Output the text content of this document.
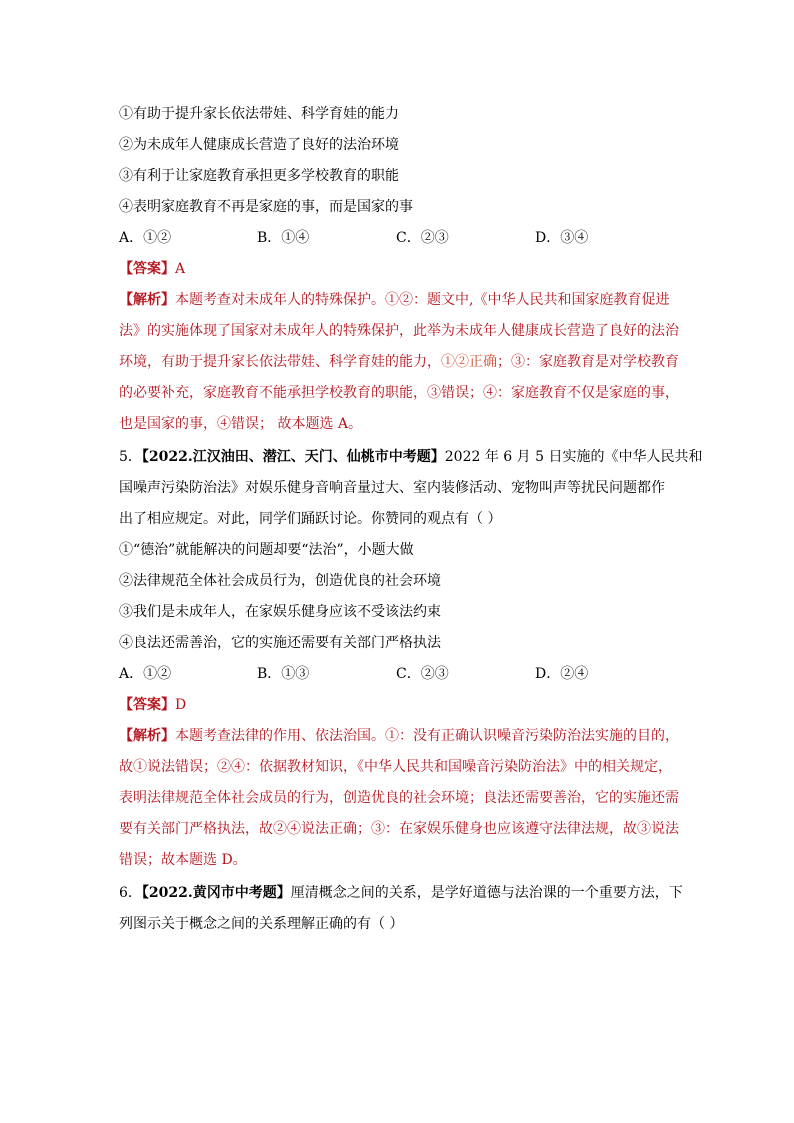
①有助于提升家长依法带娃、科学育娃的能力
②为未成年人健康成长营造了良好的法治环境
③有利于让家庭教育承担更多学校教育的职能
④表明家庭教育不再是家庭的事，而是国家的事
A．①②	B．①④	C．②③	D．③④
【答案】A
【解析】本题考查对未成年人的特殊保护。①②：题文中,《中华人民共和国家庭教育促进
法》的实施体现了国家对未成年人的特殊保护，此举为未成年人健康成长营造了良好的法治
环境，有助于提升家长依法带娃、科学育娃的能力，①②正确；③：家庭教育是对学校教育
的必要补充，家庭教育不能承担学校教育的职能，③错误；④：家庭教育不仅是家庭的事，
也是国家的事，④错误； 故本题选 A。
5．【2022.江汉油田、潜江、天门、仙桃市中考题】2022 年 6 月 5 日实施的《中华人民共和
国噪声污染防治法》对娱乐健身音响音量过大、室内装修活动、宠物叫声等扰民问题都作
出了相应规定。对此，同学们踊跃讨论。你赞同的观点有（ ）
①“德治”就能解决的问题却要“法治”，小题大做
②法律规范全体社会成员行为，创造优良的社会环境
③我们是未成年人，在家娱乐健身应该不受该法约束
④良法还需善治，它的实施还需要有关部门严格执法
A．①②	B．①③	C．②③	D．②④
【答案】D
【解析】本题考查法律的作用、依法治国。①：没有正确认识噪音污染防治法实施的目的，
故①说法错误；②④：依据教材知识，《中华人民共和国噪音污染防治法》中的相关规定，
表明法律规范全体社会成员的行为，创造优良的社会环境；良法还需要善治，它的实施还需
要有关部门严格执法，故②④说法正确；③：在家娱乐健身也应该遵守法律法规，故③说法
错误；故本题选 D。
6．【2022.黄冈市中考题】厘清概念之间的关系，是学好道德与法治课的一个重要方法，下
列图示关于概念之间的关系理解正确的有（ ）
